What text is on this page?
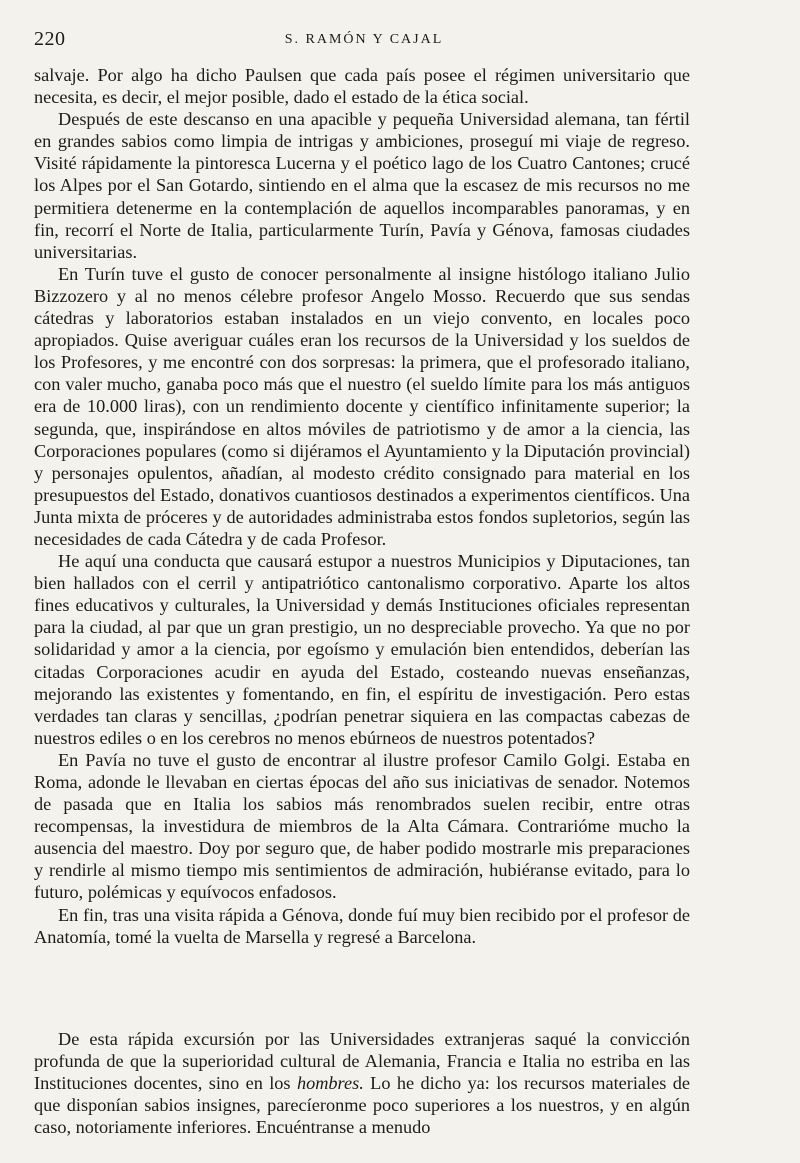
220	S. RAMÓN Y CAJAL

salvaje. Por algo ha dicho Paulsen que cada país posee el régimen universitario que necesita, es decir, el mejor posible, dado el estado de la ética social.

Después de este descanso en una apacible y pequeña Universidad alemana, tan fértil en grandes sabios como limpia de intrigas y ambiciones, proseguí mi viaje de regreso. Visité rápidamente la pintoresca Lucerna y el poético lago de los Cuatro Cantones; crucé los Alpes por el San Gotardo, sintiendo en el alma que la escasez de mis recursos no me permitiera detenerme en la contemplación de aquellos incomparables panoramas, y en fin, recorrí el Norte de Italia, particularmente Turín, Pavía y Génova, famosas ciudades universitarias.

En Turín tuve el gusto de conocer personalmente al insigne histólogo italiano Julio Bizzozero y al no menos célebre profesor Angelo Mosso. Recuerdo que sus sendas cátedras y laboratorios estaban instalados en un viejo convento, en locales poco apropiados. Quise averiguar cuáles eran los recursos de la Universidad y los sueldos de los Profesores, y me encontré con dos sorpresas: la primera, que el profesorado italiano, con valer mucho, ganaba poco más que el nuestro (el sueldo límite para los más antiguos era de 10.000 liras), con un rendimiento docente y científico infinitamente superior; la segunda, que, inspirándose en altos móviles de patriotismo y de amor a la ciencia, las Corporaciones populares (como si dijéramos el Ayuntamiento y la Diputación provincial) y personajes opulentos, añadían, al modesto crédito consignado para material en los presupuestos del Estado, donativos cuantiosos destinados a experimentos científicos. Una Junta mixta de próceres y de autoridades administraba estos fondos supletorios, según las necesidades de cada Cátedra y de cada Profesor.

He aquí una conducta que causará estupor a nuestros Municipios y Diputaciones, tan bien hallados con el cerril y antipatriótico cantonalismo corporativo. Aparte los altos fines educativos y culturales, la Universidad y demás Instituciones oficiales representan para la ciudad, al par que un gran prestigio, un no despreciable provecho. Ya que no por solidaridad y amor a la ciencia, por egoísmo y emulación bien entendidos, deberían las citadas Corporaciones acudir en ayuda del Estado, costeando nuevas enseñanzas, mejorando las existentes y fomentando, en fin, el espíritu de investigación. Pero estas verdades tan claras y sencillas, ¿podrían penetrar siquiera en las compactas cabezas de nuestros ediles o en los cerebros no menos ebúrneos de nuestros potentados?

En Pavía no tuve el gusto de encontrar al ilustre profesor Camilo Golgi. Estaba en Roma, adonde le llevaban en ciertas épocas del año sus iniciativas de senador. Notemos de pasada que en Italia los sabios más renombrados suelen recibir, entre otras recompensas, la investidura de miembros de la Alta Cámara. Contrarióme mucho la ausencia del maestro. Doy por seguro que, de haber podido mostrarle mis preparaciones y rendirle al mismo tiempo mis sentimientos de admiración, hubiéranse evitado, para lo futuro, polémicas y equívocos enfadosos.

En fin, tras una visita rápida a Génova, donde fuí muy bien recibido por el profesor de Anatomía, tomé la vuelta de Marsella y regresé a Barcelona.

De esta rápida excursión por las Universidades extranjeras saqué la convicción profunda de que la superioridad cultural de Alemania, Francia e Italia no estriba en las Instituciones docentes, sino en los hombres. Lo he dicho ya: los recursos materiales de que disponían sabios insignes, parecíeronme poco superiores a los nuestros, y en algún caso, notoriamente inferiores. Encuéntranse a menudo
